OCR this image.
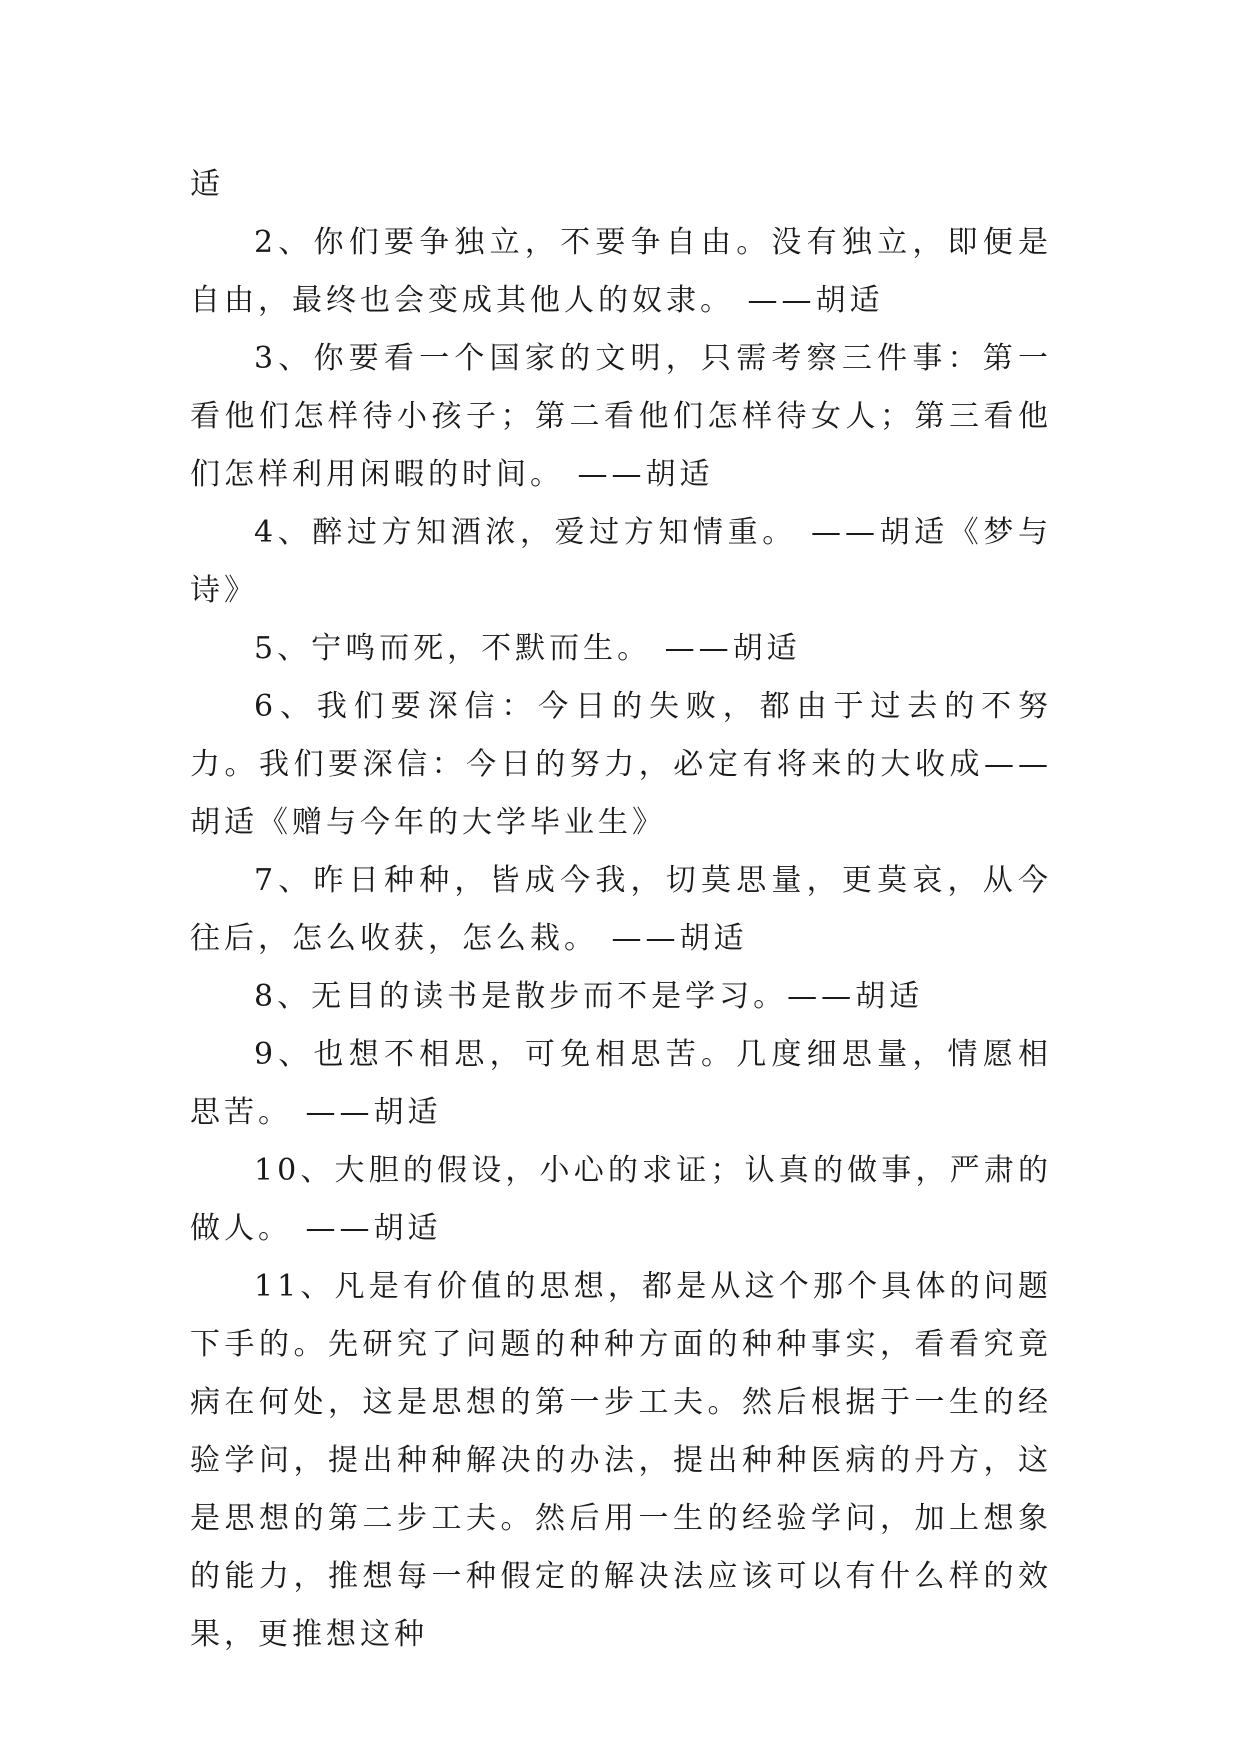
适

2、你们要争独立，不要争自由。没有独立，即便是自由，最终也会变成其他人的奴隶。 ——胡适

3、你要看一个国家的文明，只需考察三件事：第一看他们怎样待小孩子；第二看他们怎样待女人；第三看他们怎样利用闲暇的时间。 ——胡适

4、醉过方知酒浓，爱过方知情重。 ——胡适《梦与诗》

5、宁鸣而死，不默而生。 ——胡适

6、我们要深信：今日的失败，都由于过去的不努力。我们要深信：今日的努力，必定有将来的大收成——胡适《赠与今年的大学毕业生》

7、昨日种种，皆成今我，切莫思量，更莫哀，从今往后，怎么收获，怎么栽。 ——胡适

8、无目的读书是散步而不是学习。——胡适

9、也想不相思，可免相思苦。几度细思量，情愿相思苦。 ——胡适

10、大胆的假设，小心的求证；认真的做事，严肃的做人。 ——胡适

11、凡是有价值的思想，都是从这个那个具体的问题下手的。先研究了问题的种种方面的种种事实，看看究竟病在何处，这是思想的第一步工夫。然后根据于一生的经验学问，提出种种解决的办法，提出种种医病的丹方，这是思想的第二步工夫。然后用一生的经验学问，加上想象的能力，推想每一种假定的解决法应该可以有什么样的效果，更推想这种
